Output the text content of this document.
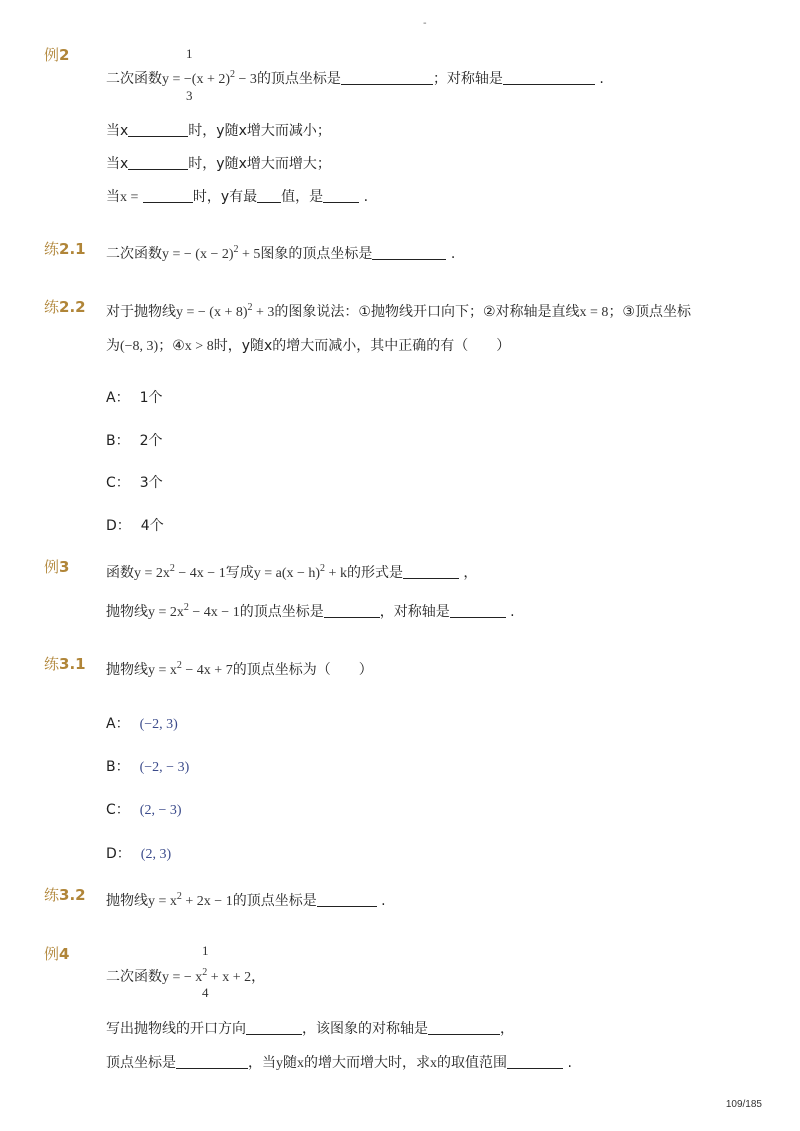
-
例2	1
3
二次函数$y = -(x + 2)^2 - 3$的顶点坐标是	；对称轴是	.
当x	时，y随x增大而减小；
当x	时，y随x增大而增大；
当x =	时，y有最 值，是	.
练2.1 二次函数y = − $(x - 2)^2 + 5$图象的顶点坐标是	.
练2.2 对于抛物线y = − $(x + 8)^2 + 3$的图象说法：①抛物线开口向下；②对称轴是直线x = 8；③顶点坐标
为(−8, 3)；④x > 8时，y随x的增大而减小，其中正确的有（　　）
A： 1个
B： 2个
C： 3个
D： 4个
例3	函数$y = 2x^2 - 4x - 1$写成$y = a(x - h)^2 + k$的形式是	，
抛物线$y = 2x^2 - 4x - 1$的顶点坐标是	，对称轴是	.
练3.1 抛物线$y = x^2 - 4x + 7$的顶点坐标为（　　）
A： (−2, 3)
B： (−2, − 3)
C： (2, − 3)
D： (2, 3)
练3.2 抛物线$y = x^2 + 2x - 1$的顶点坐标是	.
例4	1
4
二次函数y = − $x^2 + x + 2$，
写出抛物线的开口方向	，该图象的对称轴是	，
顶点坐标是	，当y随x的增大而增大时，求x的取值范围	.
109/185
